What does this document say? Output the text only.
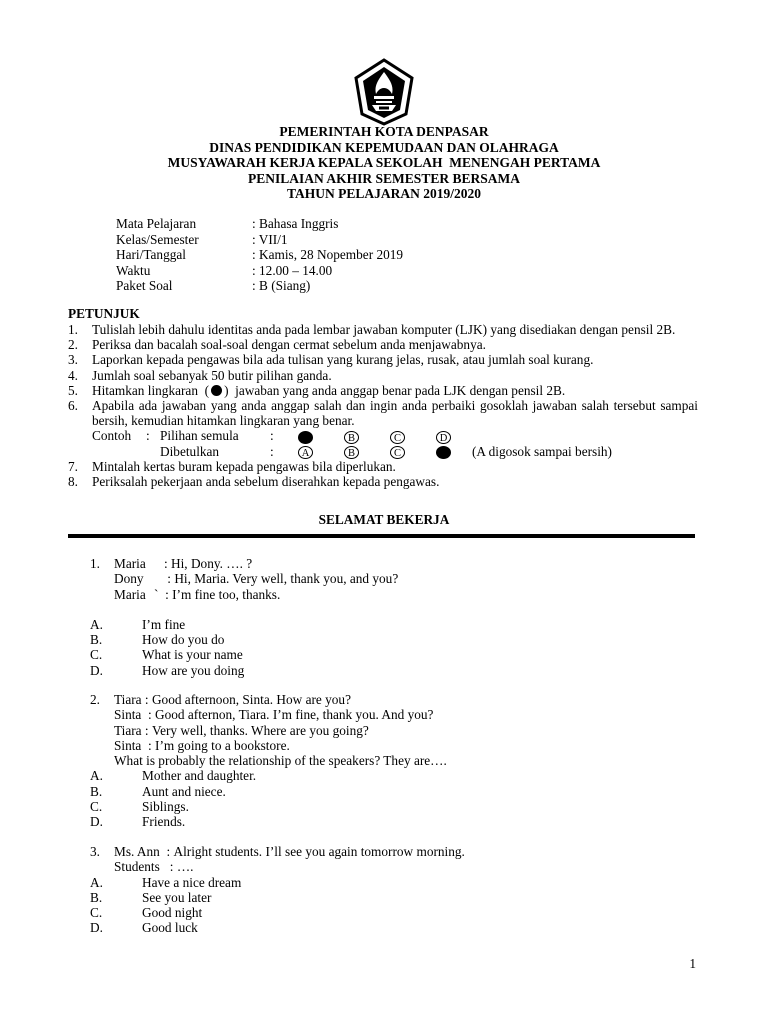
PEMERINTAH KOTA DENPASAR
DINAS PENDIDIKAN KEPEMUDAAN DAN OLAHRAGA
MUSYAWARAH KERJA KEPALA SEKOLAH  MENENGAH PERTAMA
PENILAIAN AKHIR SEMESTER BERSAMA
TAHUN PELAJARAN 2019/2020
Mata Pelajaran	: Bahasa Inggris
Kelas/Semester	: VII/1
Hari/Tanggal	: Kamis, 28 Nopember 2019
Waktu	: 12.00 – 14.00
Paket Soal	: B (Siang)
PETUNJUK
1.	Tulislah lebih dahulu identitas anda pada lembar jawaban komputer (LJK) yang disediakan dengan pensil 2B.
2.	Periksa dan bacalah soal-soal dengan cermat sebelum anda menjawabnya.
3.	Laporkan kepada pengawas bila ada tulisan yang kurang jelas, rusak, atau jumlah soal kurang.
4.	Jumlah soal sebanyak 50 butir pilihan ganda.
5.	Hitamkan lingkaran  ( )  jawaban yang anda anggap benar pada LJK dengan pensil 2B.
6.	Apabila ada jawaban yang anda anggap salah dan ingin anda perbaiki gosoklah jawaban salah tersebut sampai bersih, kemudian hitamkan lingkaran yang benar.
Contoh	: Pilihan semula	:	A	B	C	D
Dibetulkan	:	A	B	C	D	(A digosok sampai bersih)
7.	Mintalah kertas buram kepada pengawas bila diperlukan.
8.	Periksalah pekerjaan anda sebelum diserahkan kepada pengawas.
SELAMAT BEKERJA
1.	Maria : Hi, Dony. …. ?
Dony : Hi, Maria. Very well, thank you, and you?
Maria `  : I’m fine too, thanks.
A.	I’m fine
B.	How do you do
C.	What is your name
D.	How are you doing
2.	Tiara : Good afternoon, Sinta. How are you?
Sinta : Good afternon, Tiara. I’m fine, thank you. And you?
Tiara : Very well, thanks. Where are you going?
Sinta : I’m going to a bookstore.
What is probably the relationship of the speakers? They are….
A.	Mother and daughter.
B.	Aunt and niece.
C.	Siblings.
D.	Friends.
3.	Ms. Ann : Alright students. I’ll see you again tomorrow morning.
Students : ….
A.	Have a nice dream
B.	See you later
C.	Good night
D.	Good luck
1
